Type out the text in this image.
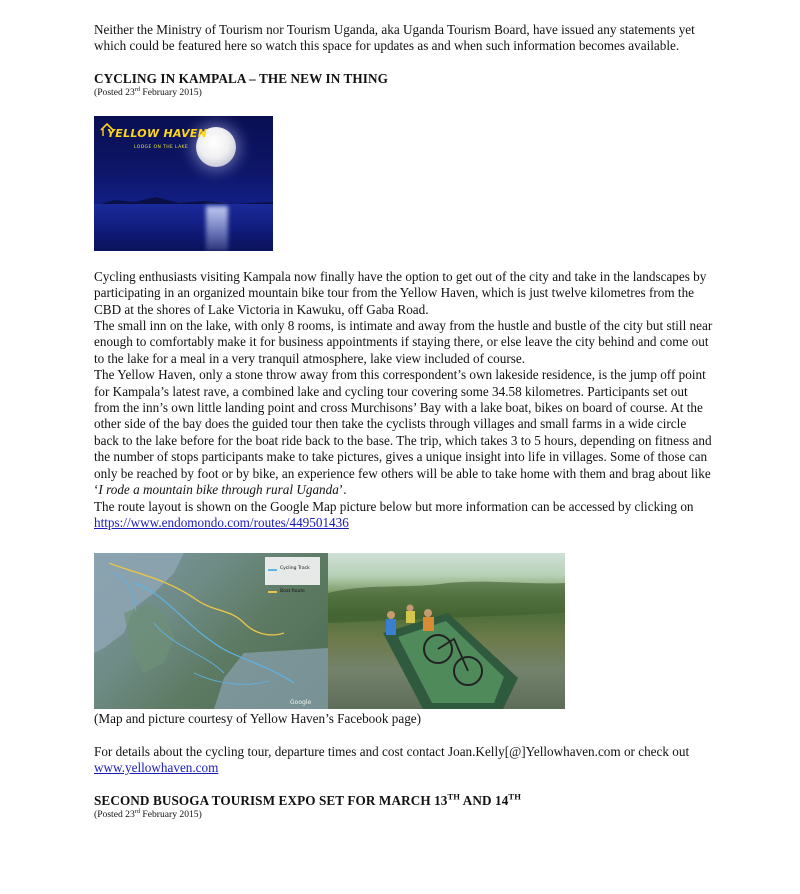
Neither the Ministry of Tourism nor Tourism Uganda, aka Uganda Tourism Board, have issued any statements yet which could be featured here so watch this space for updates as and when such information becomes available.

CYCLING IN KAMPALA – THE NEW IN THING
(Posted 23rd February 2015)
YELLOW HAVEN
LODGE ON THE LAKE

Cycling enthusiasts visiting Kampala now finally have the option to get out of the city and take in the landscapes by participating in an organized mountain bike tour from the Yellow Haven, which is just twelve kilometres from the CBD at the shores of Lake Victoria in Kawuku, off Gaba Road.

The small inn on the lake, with only 8 rooms, is intimate and away from the hustle and bustle of the city but still near enough to comfortably make it for business appointments if staying there, or else leave the city behind and come out to the lake for a meal in a very tranquil atmosphere, lake view included of course.

The Yellow Haven, only a stone throw away from this correspondent’s own lakeside residence, is the jump off point for Kampala’s latest rave, a combined lake and cycling tour covering some 34.58 kilometres. Participants set out from the inn’s own little landing point and cross Murchisons’ Bay with a lake boat, bikes on board of course. At the other side of the bay does the guided tour then take the cyclists through villages and small farms in a wide circle back to the lake before for the boat ride back to the base. The trip, which takes 3 to 5 hours, depending on fitness and the number of stops participants make to take pictures, gives a unique insight into life in villages. Some of those can only be reached by foot or by bike, an experience few others will be able to take home with them and brag about like ‘I rode a mountain bike through rural Uganda’.

The route layout is shown on the Google Map picture below but more information can be accessed by clicking on
https://www.endomondo.com/routes/449501436

Cycling Track
Boat Route
Google

(Map and picture courtesy of Yellow Haven’s Facebook page)

For details about the cycling tour, departure times and cost contact Joan.Kelly[@]Yellowhaven.com or check out
www.yellowhaven.com

SECOND BUSOGA TOURISM EXPO SET FOR MARCH 13TH AND 14TH
(Posted 23rd February 2015)
